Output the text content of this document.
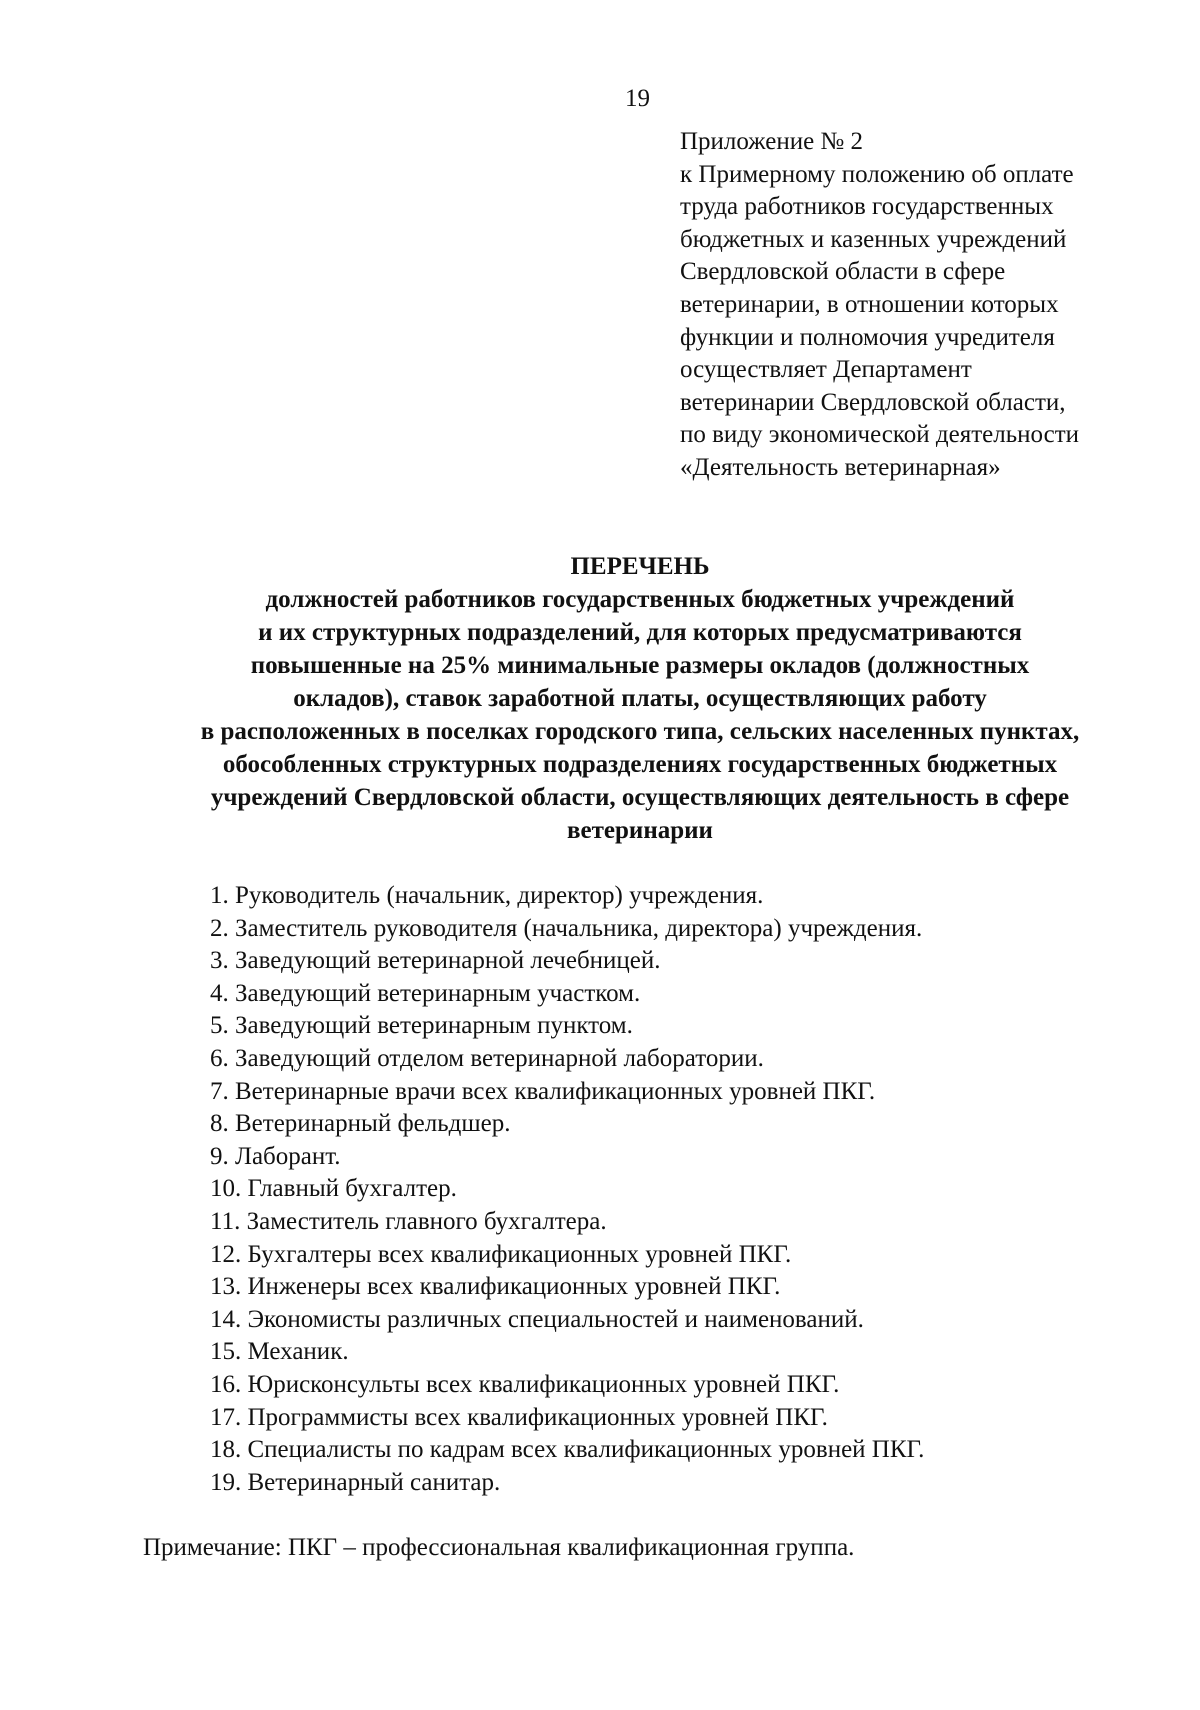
19
Приложение № 2
к Примерному положению об оплате
труда работников государственных
бюджетных и казенных учреждений
Свердловской области в сфере
ветеринарии, в отношении которых
функции и полномочия учредителя
осуществляет Департамент
ветеринарии Свердловской области,
по виду экономической деятельности
«Деятельность ветеринарная»
ПЕРЕЧЕНЬ
должностей работников государственных бюджетных учреждений
и их структурных подразделений, для которых предусматриваются
повышенные на 25% минимальные размеры окладов (должностных
окладов), ставок заработной платы, осуществляющих работу
в расположенных в поселках городского типа, сельских населенных пунктах,
обособленных структурных подразделениях государственных бюджетных
учреждений Свердловской области, осуществляющих деятельность в сфере
ветеринарии
1. Руководитель (начальник, директор) учреждения.
2. Заместитель руководителя (начальника, директора) учреждения.
3. Заведующий ветеринарной лечебницей.
4. Заведующий ветеринарным участком.
5. Заведующий ветеринарным пунктом.
6. Заведующий отделом ветеринарной лаборатории.
7. Ветеринарные врачи всех квалификационных уровней ПКГ.
8. Ветеринарный фельдшер.
9. Лаборант.
10. Главный бухгалтер.
11. Заместитель главного бухгалтера.
12. Бухгалтеры всех квалификационных уровней ПКГ.
13. Инженеры всех квалификационных уровней ПКГ.
14. Экономисты различных специальностей и наименований.
15. Механик.
16. Юрисконсульты всех квалификационных уровней ПКГ.
17. Программисты всех квалификационных уровней ПКГ.
18. Специалисты по кадрам всех квалификационных уровней ПКГ.
19. Ветеринарный санитар.
Примечание: ПКГ – профессиональная квалификационная группа.
